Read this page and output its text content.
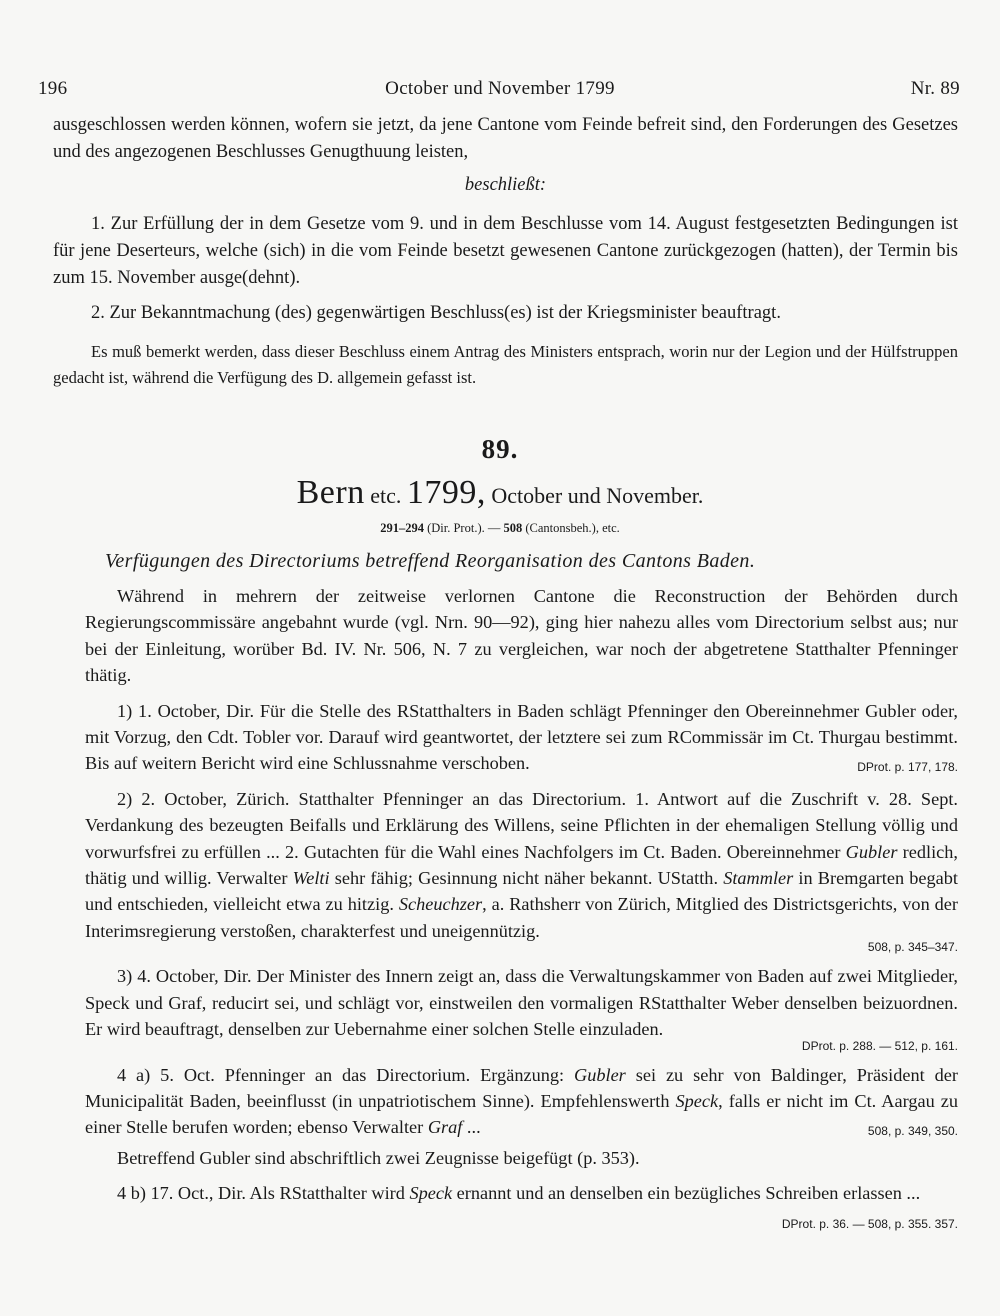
196	October und November 1799	Nr. 89

ausgeschlossen werden können, wofern sie jetzt, da jene Cantone vom Feinde befreit sind, den Forderungen des Gesetzes und des angezogenen Beschlusses Genugthuung leisten,

beschließt:

1. Zur Erfüllung der in dem Gesetze vom 9. und in dem Beschlusse vom 14. August festgesetzten Bedingungen ist für jene Deserteurs, welche (sich) in die vom Feinde besetzt gewesenen Cantone zurückgezogen (hatten), der Termin bis zum 15. November ausge(dehnt).

2. Zur Bekanntmachung (des) gegenwärtigen Beschluss(es) ist der Kriegsminister beauftragt.

Es muß bemerkt werden, dass dieser Beschluss einem Antrag des Ministers entsprach, worin nur der Legion und der Hülfstruppen gedacht ist, während die Verfügung des D. allgemein gefasst ist.

89.
Bern etc. 1799, October und November.
291–294 (Dir. Prot.). — 508 (Cantonsbeh.), etc.
Verfügungen des Directoriums betreffend Reorganisation des Cantons Baden.

Während in mehrern der zeitweise verlornen Cantone die Reconstruction der Behörden durch Regierungscommissäre angebahnt wurde (vgl. Nrn. 90—92), ging hier nahezu alles vom Directorium selbst aus; nur bei der Einleitung, worüber Bd. IV. Nr. 506, N. 7 zu vergleichen, war noch der abgetretene Statthalter Pfenninger thätig.

1) 1. October, Dir. Für die Stelle des RStatthalters in Baden schlägt Pfenninger den Obereinnehmer Gubler oder, mit Vorzug, den Cdt. Tobler vor. Darauf wird geantwortet, der letztere sei zum RCommissär im Ct. Thurgau bestimmt. Bis auf weitern Bericht wird eine Schlussnahme verschoben.	DProt. p. 177, 178.

2) 2. October, Zürich. Statthalter Pfenninger an das Directorium. 1. Antwort auf die Zuschrift v. 28. Sept. Verdankung des bezeugten Beifalls und Erklärung des Willens, seine Pflichten in der ehemaligen Stellung völlig und vorwurfsfrei zu erfüllen ... 2. Gutachten für die Wahl eines Nachfolgers im Ct. Baden. Obereinnehmer Gubler redlich, thätig und willig. Verwalter Welti sehr fähig; Gesinnung nicht näher bekannt. UStatth. Stammler in Bremgarten begabt und entschieden, vielleicht etwa zu hitzig. Scheuchzer, a. Rathsherr von Zürich, Mitglied des Districtsgerichts, von der Interimsregierung verstoßen, charakterfest und uneigennützig.
508, p. 345–347.

3) 4. October, Dir. Der Minister des Innern zeigt an, dass die Verwaltungskammer von Baden auf zwei Mitglieder, Speck und Graf, reducirt sei, und schlägt vor, einstweilen den vormaligen RStatthalter Weber denselben beizuordnen. Er wird beauftragt, denselben zur Uebernahme einer solchen Stelle einzuladen.
DProt. p. 288. — 512, p. 161.

4 a) 5. Oct. Pfenninger an das Directorium. Ergänzung: Gubler sei zu sehr von Baldinger, Präsident der Municipalität Baden, beeinflusst (in unpatriotischem Sinne). Empfehlenswerth Speck, falls er nicht im Ct. Aargau zu einer Stelle berufen worden; ebenso Verwalter Graf ...	508, p. 349, 350.

Betreffend Gubler sind abschriftlich zwei Zeugnisse beigefügt (p. 353).

4 b) 17. Oct., Dir. Als RStatthalter wird Speck ernannt und an denselben ein bezügliches Schreiben erlassen ...
DProt. p. 36. — 508, p. 355. 357.
